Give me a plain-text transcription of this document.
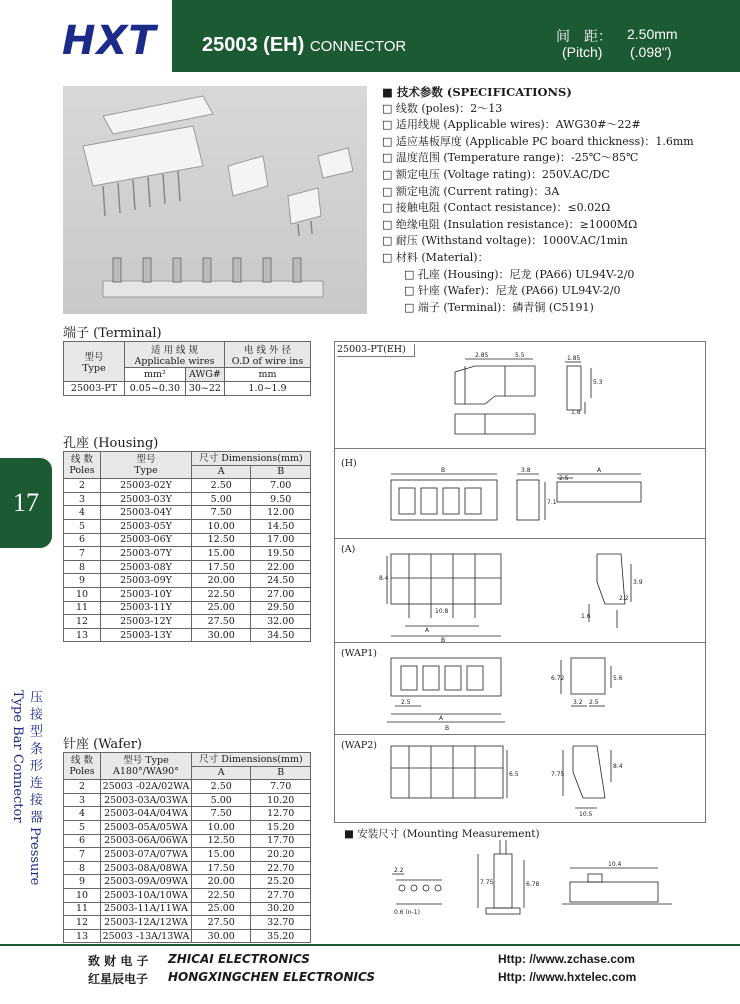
HXT 25003 (EH) CONNECTOR
间　距： 2.50mm
(Pitch) (.098")
■ 技术参数 (SPECIFICATIONS)
□ 线数 (poles)：2～13
□ 适用线规 (Applicable wires)：AWG30#～22#
□ 适应基板厚度 (Applicable PC board thickness)：1.6mm
□ 温度范围 (Temperature range)：-25℃～85℃
□ 额定电压 (Voltage rating)：250V.AC/DC
□ 额定电流 (Current rating)：3A
□ 接触电阻 (Contact resistance)：≤0.02Ω
□ 绝缘电阻 (Insulation resistance)：≥1000MΩ
□ 耐压 (Withstand voltage)：1000V.AC/1min
□ 材料 (Material)：
□ 孔座 (Housing)：尼龙 (PA66) UL94V-2/0
□ 针座 (Wafer)：尼龙 (PA66) UL94V-2/0
□ 端子 (Terminal)：磷青铜 (C5191)
端子 (Terminal)
型号
Type	适 用 线 规
Applicable wires		电 线 外 径
O.D of wire ins
	mm²	AWG#	mm
25003-PT	0.05~0.30	30~22	1.0~1.9
孔座 (Housing)
线 数
Poles	型号
Type	尺寸 Dimensions(mm)	
		A	B
2	25003-02Y	2.50	7.00
3	25003-03Y	5.00	9.50
4	25003-04Y	7.50	12.00
5	25003-05Y	10.00	14.50
6	25003-06Y	12.50	17.00
7	25003-07Y	15.00	19.50
8	25003-08Y	17.50	22.00
9	25003-09Y	20.00	24.50
10	25003-10Y	22.50	27.00
11	25003-11Y	25.00	29.50
12	25003-12Y	27.50	32.00
13	25003-13Y	30.00	34.50
17
压 接 型 条 形 连 接 器 Pressure Type Bar Connector	针座 (Wafer)
线 数
Poles	型号 Type
A180°/WA90°	尺寸 Dimensions(mm)	
		A	B
2	25003 -02A/02WA	2.50	7.70
3	25003-03A/03WA	5.00	10.20
4	25003-04A/04WA	7.50	12.70
5	25003-05A/05WA	10.00	15.20
6	25003-06A/06WA	12.50	17.70
7	25003-07A/07WA	15.00	20.20
8	25003-08A/08WA	17.50	22.70
9	25003-09A/09WA	20.00	25.20
10	25003-10A/10WA	22.50	27.70
11	25003-11A/11WA	25.00	30.20
12	25003-12A/12WA	27.50	32.70
13	25003 -13A/13WA	30.00	35.20
25003-PT(EH)
(H)
(A)
(WAP1)
(WAP2)
2.85	5.5	1.85
5.3
1.8
B	3.8
7.1
A
2.5
10.8
A
B
8.4
3.9
2.2
1.6
2.5
A
B
6.72	5.6
3.2 2.5
6.5	7.75
8.4
10.5
■ 安装尺寸 (Mounting Measurement)
2.2
0.6 (n-1)
7.75	6.78
10.4
致 财 电 子 ZHICAI ELECTRONICS
红星辰电子 HONGXINGCHEN ELECTRONICS
Http: //www.zchase.com
Http: //www.hxtelec.com
